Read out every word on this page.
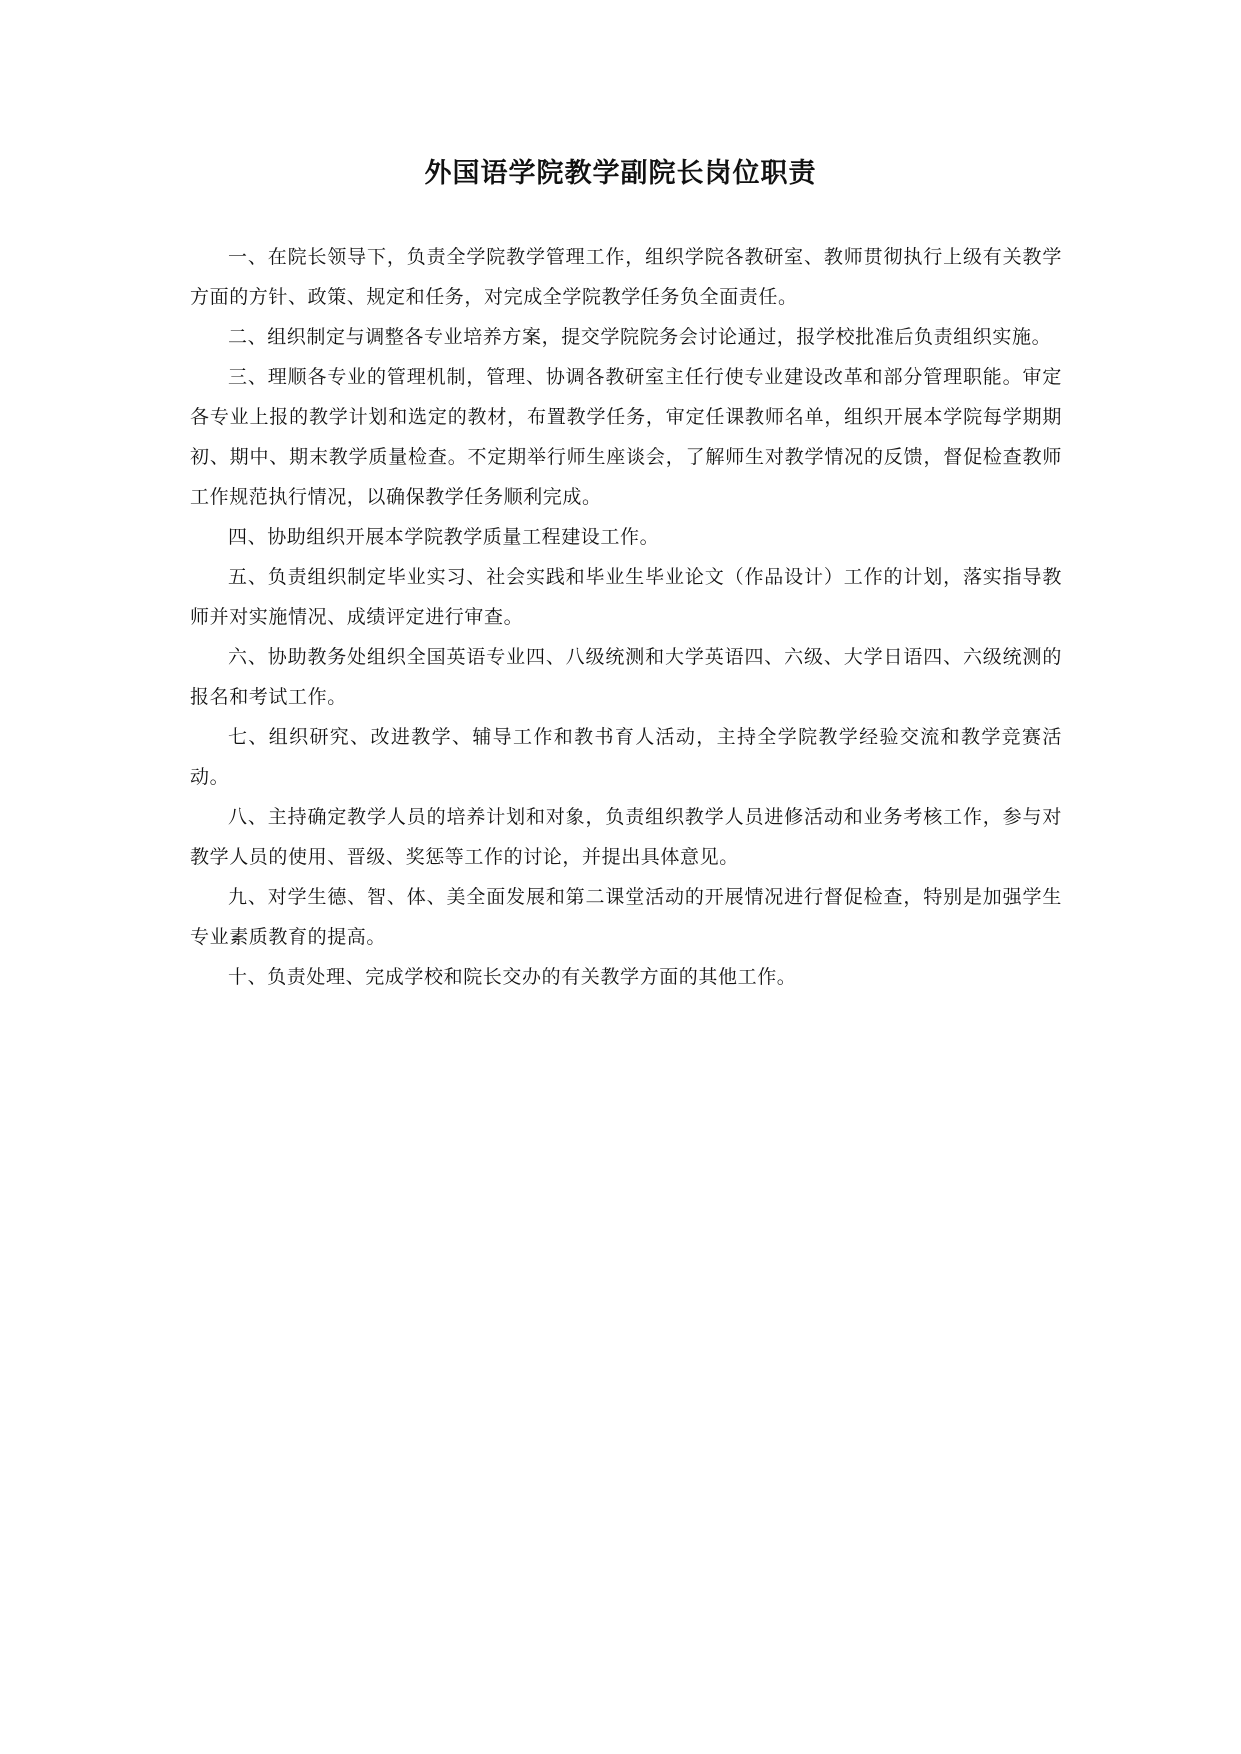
外国语学院教学副院长岗位职责

一、在院长领导下，负责全学院教学管理工作，组织学院各教研室、教师贯彻执行上级有关教学方面的方针、政策、规定和任务，对完成全学院教学任务负全面责任。

二、组织制定与调整各专业培养方案，提交学院院务会讨论通过，报学校批准后负责组织实施。

三、理顺各专业的管理机制，管理、协调各教研室主任行使专业建设改革和部分管理职能。审定各专业上报的教学计划和选定的教材，布置教学任务，审定任课教师名单，组织开展本学院每学期期初、期中、期末教学质量检查。不定期举行师生座谈会，了解师生对教学情况的反馈，督促检查教师工作规范执行情况，以确保教学任务顺利完成。

四、协助组织开展本学院教学质量工程建设工作。

五、负责组织制定毕业实习、社会实践和毕业生毕业论文（作品设计）工作的计划，落实指导教师并对实施情况、成绩评定进行审查。

六、协助教务处组织全国英语专业四、八级统测和大学英语四、六级、大学日语四、六级统测的报名和考试工作。

七、组织研究、改进教学、辅导工作和教书育人活动，主持全学院教学经验交流和教学竞赛活动。

八、主持确定教学人员的培养计划和对象，负责组织教学人员进修活动和业务考核工作，参与对教学人员的使用、晋级、奖惩等工作的讨论，并提出具体意见。

九、对学生德、智、体、美全面发展和第二课堂活动的开展情况进行督促检查，特别是加强学生专业素质教育的提高。

十、负责处理、完成学校和院长交办的有关教学方面的其他工作。
